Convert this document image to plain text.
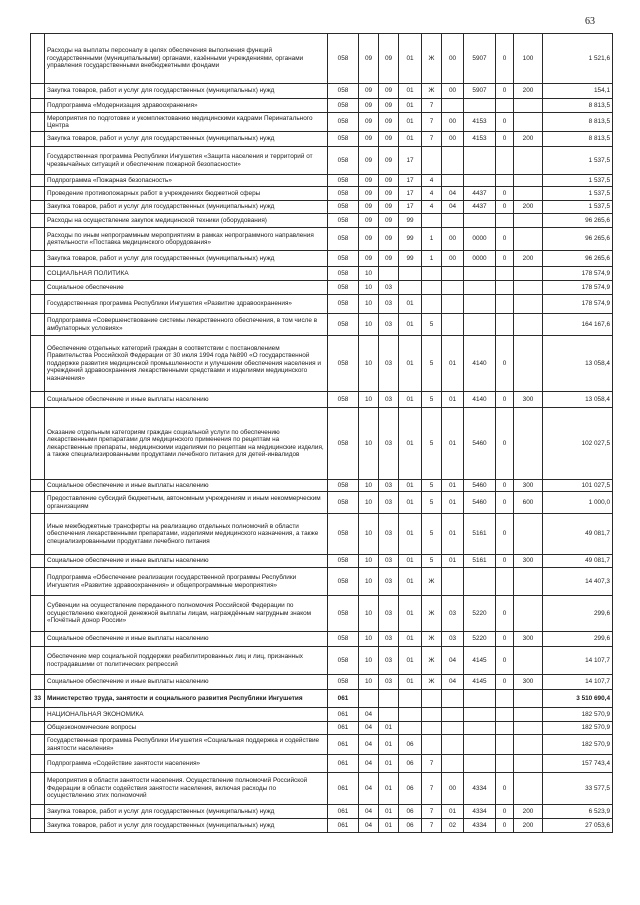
63
	Расходы на выплаты персоналу в целях обеспечения выполнения функций государственными (муниципальными) органами, казёнными учреждениями, органами управления государственными внебюджетными фондами	058	09	09	01	Ж	00	5907	0	100	1 521,6
	Закупка товаров, работ и услуг для государственных (муниципальных) нужд	058	09	09	01	Ж	00	5907	0	200	154,1
	Подпрограмма «Модернизация здравоохранения»	058	09	09	01	7					8 813,5
	Мероприятия по подготовке и укомплектованию медицинскими кадрами Перинатального Центра	058	09	09	01	7	00	4153	0		8 813,5
	Закупка товаров, работ и услуг для государственных (муниципальных) нужд	058	09	09	01	7	00	4153	0	200	8 813,5
	Государственная программа Республики Ингушетия «Защита населения и территорий от чрезвычайных ситуаций и обеспечение пожарной безопасности»	058	09	09	17						1 537,5
	Подпрограмма «Пожарная безопасность»	058	09	09	17	4					1 537,5
	Проведение противопожарных работ в учреждениях бюджетной сферы	058	09	09	17	4	04	4437	0		1 537,5
	Закупка товаров, работ и услуг для государственных (муниципальных) нужд	058	09	09	17	4	04	4437	0	200	1 537,5
	Расходы на осуществление закупок медицинской техники (оборудования)	058	09	09	99						96 265,6
	Расходы по иным непрограммным мероприятиям в рамках непрограммного направления деятельности «Поставка медицинского оборудования»	058	09	09	99	1	00	0000	0		96 265,6
	Закупка товаров, работ и услуг для государственных (муниципальных) нужд	058	09	09	99	1	00	0000	0	200	96 265,6
	СОЦИАЛЬНАЯ ПОЛИТИКА	058	10								178 574,9
	Социальное обеспечение	058	10	03							178 574,9
	Государственная программа Республики Ингушетия «Развитие здравоохранения»	058	10	03	01						178 574,9
	Подпрограмма «Совершенствование системы лекарственного обеспечения, в том числе в амбулаторных условиях»	058	10	03	01	5					164 167,6
	Обеспечение отдельных категорий граждан в соответствии с постановлением Правительства Российской Федерации от 30 июля 1994 года №890 «О государственной поддержке развития медицинской промышленности и улучшении обеспечения населения и учреждений здравоохранения лекарственными средствами и изделиями медицинского назначения»	058	10	03	01	5	01	4140	0		13 058,4
	Социальное обеспечение и иные выплаты населению	058	10	03	01	5	01	4140	0	300	13 058,4
	Оказание отдельным категориям граждан социальной услуги по обеспечению лекарственными препаратами для медицинского применения по рецептам на лекарственные препараты, медицинскими изделиями по рецептам на медицинские изделия, а также специализированными продуктами лечебного питания для детей-инвалидов	058	10	03	01	5	01	5460	0		102 027,5
	Социальное обеспечение и иные выплаты населению	058	10	03	01	5	01	5460	0	300	101 027,5
	Предоставление субсидий бюджетным, автономным учреждениям и иным некоммерческим организациям	058	10	03	01	5	01	5460	0	600	1 000,0
	Иные межбюджетные трансферты на реализацию отдельных полномочий в области обеспечения лекарственными препаратами, изделиями медицинского назначения, а также специализированными продуктами лечебного питания	058	10	03	01	5	01	5161	0		49 081,7
	Социальное обеспечение и иные выплаты населению	058	10	03	01	5	01	5161	0	300	49 081,7
	Подпрограмма «Обеспечение реализации государственной программы Республики Ингушетия «Развитие здравоохранения» и общепрограммные мероприятия»	058	10	03	01	Ж					14 407,3
	Субвенции на осуществление переданного полномочия Российской Федерации по осуществлению ежегодной денежной выплаты лицам, награждённым нагрудным знаком «Почётный донор России»	058	10	03	01	Ж	03	5220	0		299,6
	Социальное обеспечение и иные выплаты населению	058	10	03	01	Ж	03	5220	0	300	299,6
	Обеспечение мер социальной поддержки реабилитированных лиц и лиц, признанных пострадавшими от политических репрессий	058	10	03	01	Ж	04	4145	0		14 107,7
	Социальное обеспечение и иные выплаты населению	058	10	03	01	Ж	04	4145	0	300	14 107,7
33	Министерство труда, занятости и социального развития Республики Ингушетия	061									3 510 690,4
	НАЦИОНАЛЬНАЯ ЭКОНОМИКА	061	04								182 570,9
	Общеэкономические вопросы	061	04	01							182 570,9
	Государственная программа Республики Ингушетия «Социальная поддержка и содействие занятости населения»	061	04	01	06						182 570,9
	Подпрограмма «Содействие занятости населения»	061	04	01	06	7					157 743,4
	Мероприятия в области занятости населения. Осуществление полномочий Российской Федерации в области содействия занятости населения, включая расходы по осуществлению этих полномочий	061	04	01	06	7	00	4334	0		33 577,5
	Закупка товаров, работ и услуг для государственных (муниципальных) нужд	061	04	01	06	7	01	4334	0	200	6 523,9
	Закупка товаров, работ и услуг для государственных (муниципальных) нужд	061	04	01	06	7	02	4334	0	200	27 053,6
